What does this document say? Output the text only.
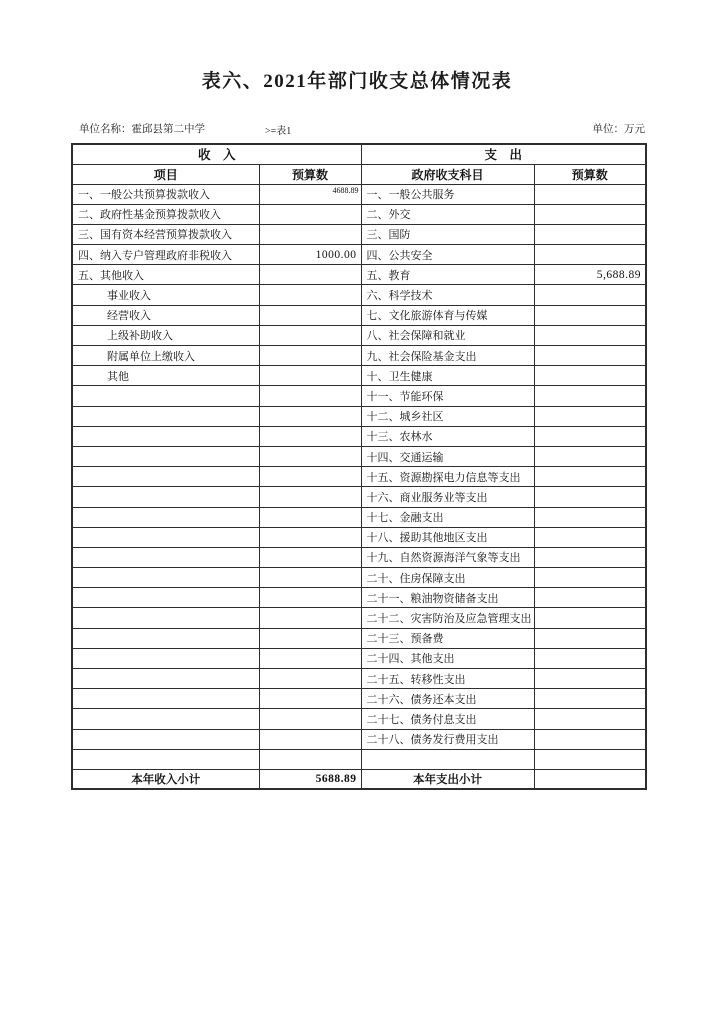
表六、2021年部门收支总体情况表
单位名称：霍邱县第二中学	>=表1	单位：万元
收　入		支　出	
项目	预算数	政府收支科目	预算数
一、一般公共预算拨款收入	4688.89	一、一般公共服务	
二、政府性基金预算拨款收入		二、外交	
三、国有资本经营预算拨款收入		三、国防	
四、纳入专户管理政府非税收入	1000.00	四、公共安全	
五、其他收入		五、教育	5,688.89
事业收入		六、科学技术	
经营收入		七、文化旅游体育与传媒	
上级补助收入		八、社会保障和就业	
附属单位上缴收入		九、社会保险基金支出	
其他		十、卫生健康	
		十一、节能环保	
		十二、城乡社区	
		十三、农林水	
		十四、交通运输	
		十五、资源勘探电力信息等支出	
		十六、商业服务业等支出	
		十七、金融支出	
		十八、援助其他地区支出	
		十九、自然资源海洋气象等支出	
		二十、住房保障支出	
		二十一、粮油物资储备支出	
		二十二、灾害防治及应急管理支出	
		二十三、预备费	
		二十四、其他支出	
		二十五、转移性支出	
		二十六、债务还本支出	
		二十七、债务付息支出	
		二十八、债务发行费用支出	

本年收入小计	5688.89	本年支出小计	
